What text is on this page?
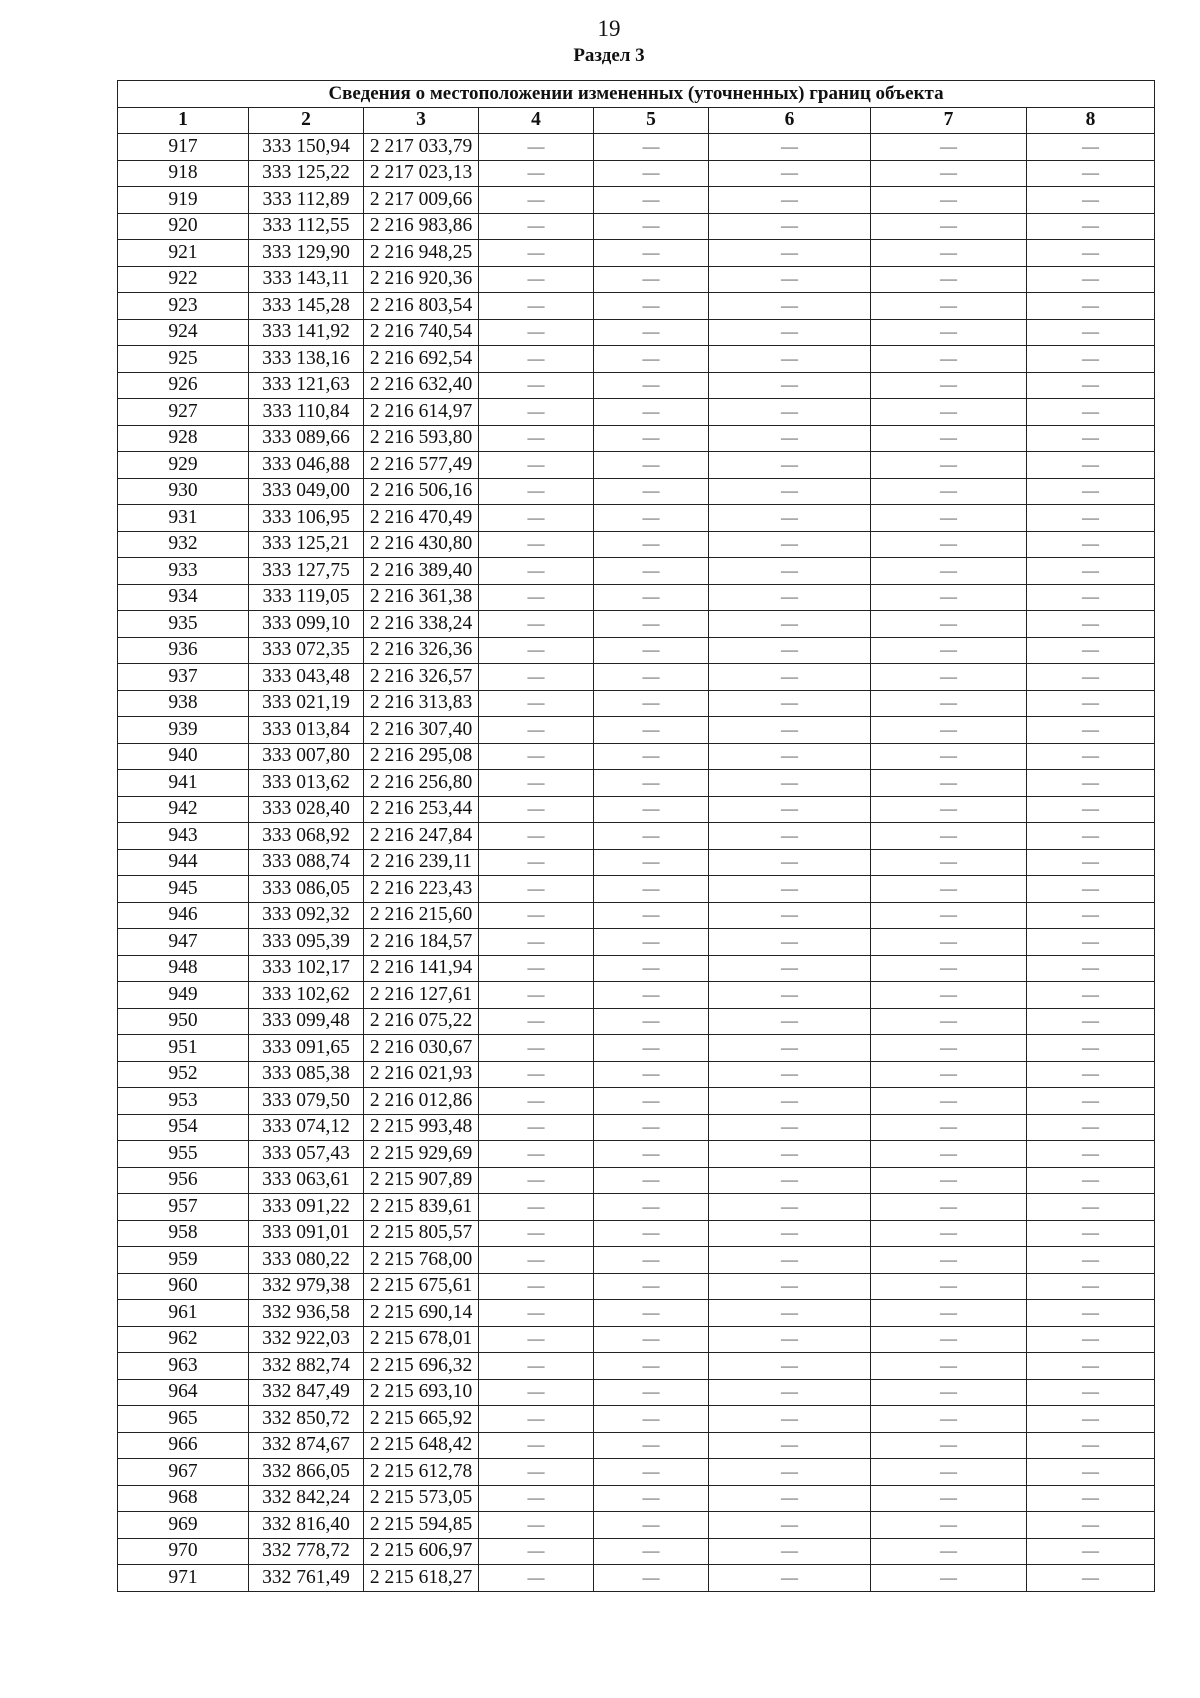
19
Раздел 3
Сведения о местоположении измененных (уточненных) границ объекта							
1	2	3	4	5	6	7	8
917	333 150,94	2 217 033,79	—	—	—	—	—
918	333 125,22	2 217 023,13	—	—	—	—	—
919	333 112,89	2 217 009,66	—	—	—	—	—
920	333 112,55	2 216 983,86	—	—	—	—	—
921	333 129,90	2 216 948,25	—	—	—	—	—
922	333 143,11	2 216 920,36	—	—	—	—	—
923	333 145,28	2 216 803,54	—	—	—	—	—
924	333 141,92	2 216 740,54	—	—	—	—	—
925	333 138,16	2 216 692,54	—	—	—	—	—
926	333 121,63	2 216 632,40	—	—	—	—	—
927	333 110,84	2 216 614,97	—	—	—	—	—
928	333 089,66	2 216 593,80	—	—	—	—	—
929	333 046,88	2 216 577,49	—	—	—	—	—
930	333 049,00	2 216 506,16	—	—	—	—	—
931	333 106,95	2 216 470,49	—	—	—	—	—
932	333 125,21	2 216 430,80	—	—	—	—	—
933	333 127,75	2 216 389,40	—	—	—	—	—
934	333 119,05	2 216 361,38	—	—	—	—	—
935	333 099,10	2 216 338,24	—	—	—	—	—
936	333 072,35	2 216 326,36	—	—	—	—	—
937	333 043,48	2 216 326,57	—	—	—	—	—
938	333 021,19	2 216 313,83	—	—	—	—	—
939	333 013,84	2 216 307,40	—	—	—	—	—
940	333 007,80	2 216 295,08	—	—	—	—	—
941	333 013,62	2 216 256,80	—	—	—	—	—
942	333 028,40	2 216 253,44	—	—	—	—	—
943	333 068,92	2 216 247,84	—	—	—	—	—
944	333 088,74	2 216 239,11	—	—	—	—	—
945	333 086,05	2 216 223,43	—	—	—	—	—
946	333 092,32	2 216 215,60	—	—	—	—	—
947	333 095,39	2 216 184,57	—	—	—	—	—
948	333 102,17	2 216 141,94	—	—	—	—	—
949	333 102,62	2 216 127,61	—	—	—	—	—
950	333 099,48	2 216 075,22	—	—	—	—	—
951	333 091,65	2 216 030,67	—	—	—	—	—
952	333 085,38	2 216 021,93	—	—	—	—	—
953	333 079,50	2 216 012,86	—	—	—	—	—
954	333 074,12	2 215 993,48	—	—	—	—	—
955	333 057,43	2 215 929,69	—	—	—	—	—
956	333 063,61	2 215 907,89	—	—	—	—	—
957	333 091,22	2 215 839,61	—	—	—	—	—
958	333 091,01	2 215 805,57	—	—	—	—	—
959	333 080,22	2 215 768,00	—	—	—	—	—
960	332 979,38	2 215 675,61	—	—	—	—	—
961	332 936,58	2 215 690,14	—	—	—	—	—
962	332 922,03	2 215 678,01	—	—	—	—	—
963	332 882,74	2 215 696,32	—	—	—	—	—
964	332 847,49	2 215 693,10	—	—	—	—	—
965	332 850,72	2 215 665,92	—	—	—	—	—
966	332 874,67	2 215 648,42	—	—	—	—	—
967	332 866,05	2 215 612,78	—	—	—	—	—
968	332 842,24	2 215 573,05	—	—	—	—	—
969	332 816,40	2 215 594,85	—	—	—	—	—
970	332 778,72	2 215 606,97	—	—	—	—	—
971	332 761,49	2 215 618,27	—	—	—	—	—
